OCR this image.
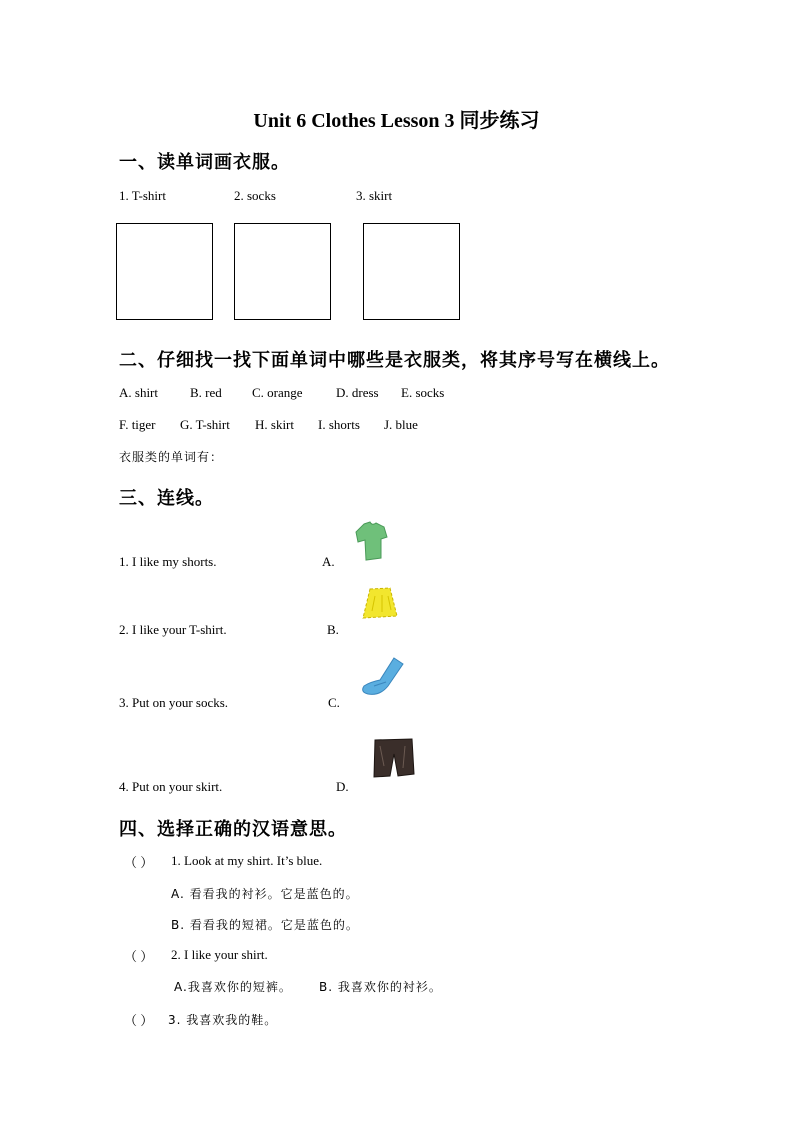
Unit 6 Clothes Lesson 3 同步练习
一、读单词画衣服。
1. T-shirt	2. socks	3. skirt
二、仔细找一找下面单词中哪些是衣服类，将其序号写在横线上。
A. shirt B. red C. orange	D. dress E. socks
F. tiger G. T-shirt H. skirt I. shorts J. blue
衣服类的单词有：
三、连线。
1. I like my shorts.	A.
2. I like your T-shirt.	B.
3. Put on your socks.	C.
4. Put on your skirt.	D.
四、选择正确的汉语意思。
（ ） 1. Look at my shirt. It’s blue.
A. 看看我的衬衫。它是蓝色的。
B. 看看我的短裙。它是蓝色的。
（ ） 2. I like your shirt.
A.我喜欢你的短裤。 B. 我喜欢你的衬衫。
（ ） 3. 我喜欢我的鞋。
